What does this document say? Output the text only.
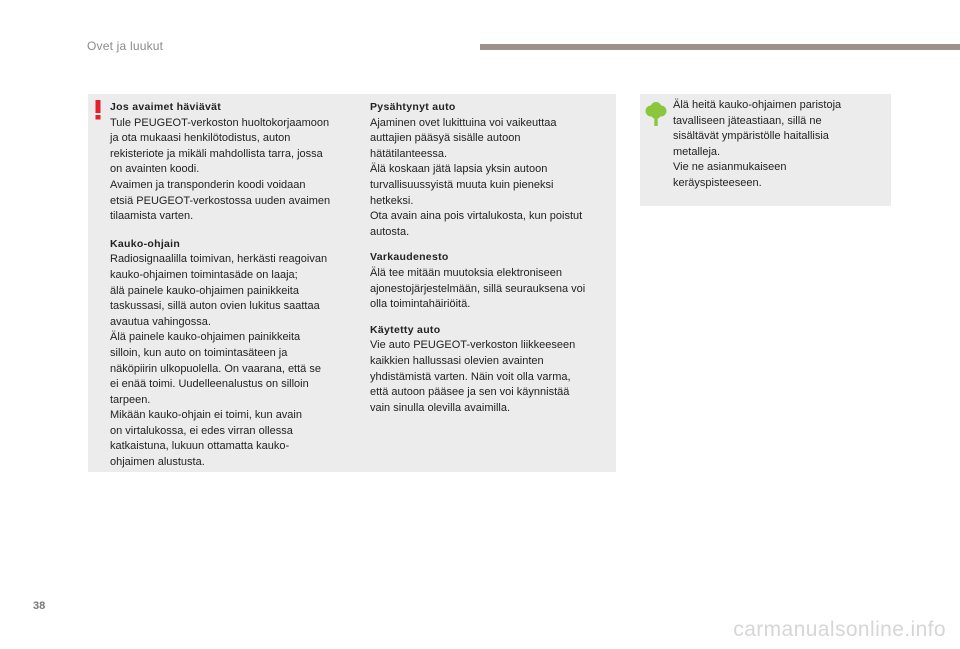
Ovet ja luukut

Jos avaimet häviävät

Tule PEUGEOT-verkoston huoltokorjaamoon
ja ota mukaasi henkilötodistus, auton
rekisteriote ja mikäli mahdollista tarra, jossa
on avainten koodi.
Avaimen ja transponderin koodi voidaan
etsiä PEUGEOT-verkostossa uuden avaimen
tilaamista varten.

Kauko-ohjain

Radiosignaalilla toimivan, herkästi reagoivan
kauko-ohjaimen toimintasäde on laaja;
älä painele kauko-ohjaimen painikkeita
taskussasi, sillä auton ovien lukitus saattaa
avautua vahingossa.
Älä painele kauko-ohjaimen painikkeita
silloin, kun auto on toimintasäteen ja
näköpiirin ulkopuolella. On vaarana, että se
ei enää toimi. Uudelleenalustus on silloin
tarpeen.
Mikään kauko-ohjain ei toimi, kun avain
on virtalukossa, ei edes virran ollessa
katkaistuna, lukuun ottamatta kauko-
ohjaimen alustusta.

Pysähtynyt auto

Ajaminen ovet lukittuina voi vaikeuttaa
auttajien pääsyä sisälle autoon
hätätilanteessa.
Älä koskaan jätä lapsia yksin autoon
turvallisuussyistä muuta kuin pieneksi
hetkeksi.
Ota avain aina pois virtalukosta, kun poistut
autosta.

Varkaudenesto

Älä tee mitään muutoksia elektroniseen
ajonestojärjestelmään, sillä seurauksena voi
olla toimintahäiriöitä.

Käytetty auto

Vie auto PEUGEOT-verkoston liikkeeseen
kaikkien hallussasi olevien avainten
yhdistämistä varten. Näin voit olla varma,
että autoon pääsee ja sen voi käynnistää
vain sinulla olevilla avaimilla.

Älä heitä kauko-ohjaimen paristoja
tavalliseen jäteastiaan, sillä ne
sisältävät ympäristölle haitallisia
metalleja.
Vie ne asianmukaiseen
keräyspisteeseen.

38
carmanualsonline.info
